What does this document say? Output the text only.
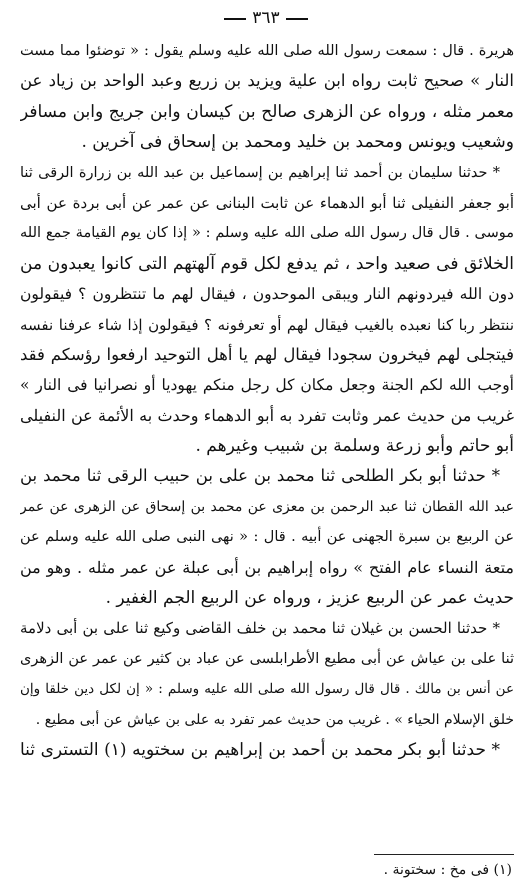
٣٦٣
هريرة . قال : سمعت رسول الله صلى الله عليه وسلم يقول : « توضئوا مما مست
النار » صحيح ثابت رواه ابن علية ويزيد بن زريع وعبد الواحد بن زياد عن
معمر مثله ، ورواه عن الزهرى صالح بن كيسان وابن جريج وابن مسافر
وشعيب ويونس ومحمد بن خليد ومحمد بن إسحاق فى آخرين .
* حدثنا سليمان بن أحمد ثنا إبراهيم بن إسماعيل بن عبد الله بن زرارة الرقى ثنا
أبو جعفر النفيلى ثنا أبو الدهماء عن ثابت البنانى عن عمر عن أبى بردة عن أبى
موسى . قال قال رسول الله صلى الله عليه وسلم : « إذا كان يوم القيامة جمع الله
الخلائق فى صعيد واحد ، ثم يدفع لكل قوم آلهتهم التى كانوا يعبدون من
دون الله فيردونهم النار ويبقى الموحدون ، فيقال لهم ما تنتظرون ؟ فيقولون
ننتظر ربا كنا نعبده بالغيب فيقال لهم أو تعرفونه ؟ فيقولون إذا شاء عرفنا نفسه
فيتجلى لهم فيخرون سجودا فيقال لهم يا أهل التوحيد ارفعوا رؤسكم فقد
أوجب الله لكم الجنة وجعل مكان كل رجل منكم يهوديا أو نصرانيا فى النار »
غريب من حديث عمر وثابت تفرد به أبو الدهماء وحدث به الأئمة عن النفيلى
أبو حاتم وأبو زرعة وسلمة بن شبيب وغيرهم .
* حدثنا أبو بكر الطلحى ثنا محمد بن على بن حبيب الرقى ثنا محمد بن
عبد الله القطان ثنا عبد الرحمن بن معزى عن محمد بن إسحاق عن الزهرى عن عمر
عن الربيع بن سبرة الجهنى عن أبيه . قال : « نهى النبى صلى الله عليه وسلم عن
متعة النساء عام الفتح » رواه إبراهيم بن أبى عبلة عن عمر مثله . وهو من
حديث عمر عن الربيع عزيز ، ورواه عن الربيع الجم الغفير .
* حدثنا الحسن بن غيلان ثنا محمد بن خلف القاضى وكيع ثنا على بن أبى دلامة
ثنا على بن عياش عن أبى مطيع الأطرابلسى عن عباد بن كثير عن عمر عن الزهرى
عن أنس بن مالك . قال قال رسول الله صلى الله عليه وسلم : « إن لكل دين خلقا وإن
خلق الإسلام الحياء » . غريب من حديث عمر تفرد به على بن عياش عن أبى مطيع .
* حدثنا أبو بكر محمد بن أحمد بن إبراهيم بن سختويه (١) التسترى ثنا
(١) فى مخ : سختونة .
